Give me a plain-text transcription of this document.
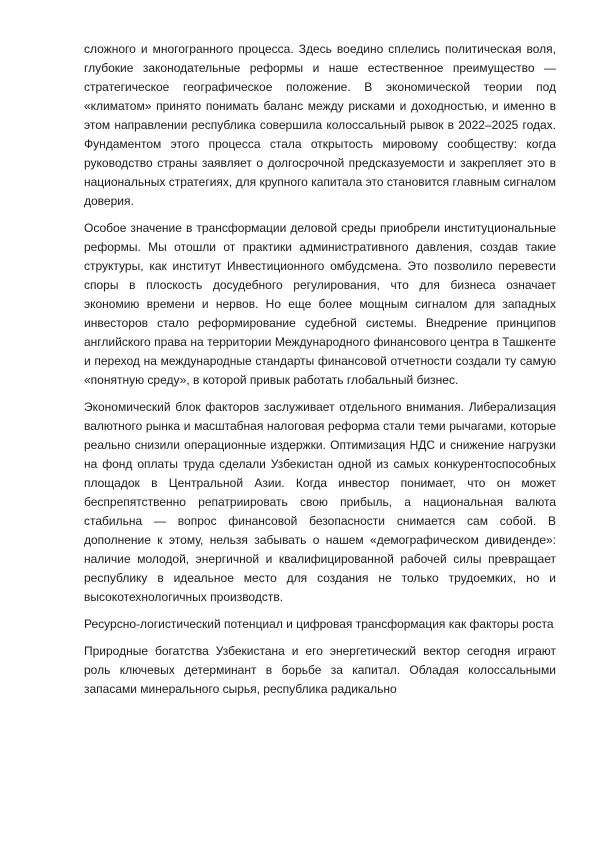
сложного и многогранного процесса. Здесь воедино сплелись политическая воля, глубокие законодательные реформы и наше естественное преимущество — стратегическое географическое положение. В экономической теории под «климатом» принято понимать баланс между рисками и доходностью, и именно в этом направлении республика совершила колоссальный рывок в 2022–2025 годах. Фундаментом этого процесса стала открытость мировому сообществу: когда руководство страны заявляет о долгосрочной предсказуемости и закрепляет это в национальных стратегиях, для крупного капитала это становится главным сигналом доверия.

Особое значение в трансформации деловой среды приобрели институциональные реформы. Мы отошли от практики административного давления, создав такие структуры, как институт Инвестиционного омбудсмена. Это позволило перевести споры в плоскость досудебного регулирования, что для бизнеса означает экономию времени и нервов. Но еще более мощным сигналом для западных инвесторов стало реформирование судебной системы. Внедрение принципов английского права на территории Международного финансового центра в Ташкенте и переход на международные стандарты финансовой отчетности создали ту самую «понятную среду», в которой привык работать глобальный бизнес.

Экономический блок факторов заслуживает отдельного внимания. Либерализация валютного рынка и масштабная налоговая реформа стали теми рычагами, которые реально снизили операционные издержки. Оптимизация НДС и снижение нагрузки на фонд оплаты труда сделали Узбекистан одной из самых конкурентоспособных площадок в Центральной Азии. Когда инвестор понимает, что он может беспрепятственно репатриировать свою прибыль, а национальная валюта стабильна — вопрос финансовой безопасности снимается сам собой. В дополнение к этому, нельзя забывать о нашем «демографическом дивиденде»: наличие молодой, энергичной и квалифицированной рабочей силы превращает республику в идеальное место для создания не только трудоемких, но и высокотехнологичных производств.

Ресурсно-логистический потенциал и цифровая трансформация как факторы роста

Природные богатства Узбекистана и его энергетический вектор сегодня играют роль ключевых детерминант в борьбе за капитал. Обладая колоссальными запасами минерального сырья, республика радикально
